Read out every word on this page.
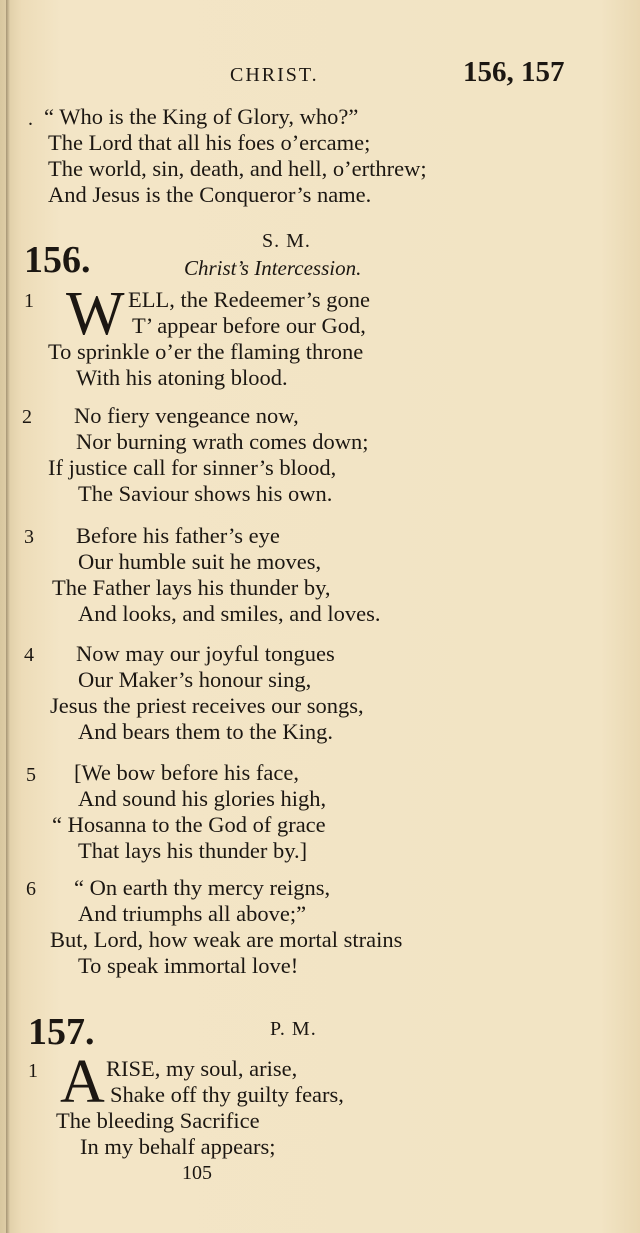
CHRIST.	156, 157
. “ Who is the King of Glory, who?”
The Lord that all his foes o’ercame;
The world, sin, death, and hell, o’erthrew;
And Jesus is the Conqueror’s name.
156.	S. M.
Christ’s Intercession.
1 W ELL, the Redeemer’s gone
T’ appear before our God,
To sprinkle o’er the flaming throne
With his atoning blood.
2 No fiery vengeance now,
Nor burning wrath comes down;
If justice call for sinner’s blood,
The Saviour shows his own.
3 Before his father’s eye
Our humble suit he moves,
The Father lays his thunder by,
And looks, and smiles, and loves.
4 Now may our joyful tongues
Our Maker’s honour sing,
Jesus the priest receives our songs,
And bears them to the King.
5 [We bow before his face,
And sound his glories high,
“ Hosanna to the God of grace
That lays his thunder by.]
6 “ On earth thy mercy reigns,
And triumphs all above;”
But, Lord, how weak are mortal strains
To speak immortal love!
157.	P. M.
1 A RISE, my soul, arise,
Shake off thy guilty fears,
The bleeding Sacrifice
In my behalf appears;
105
